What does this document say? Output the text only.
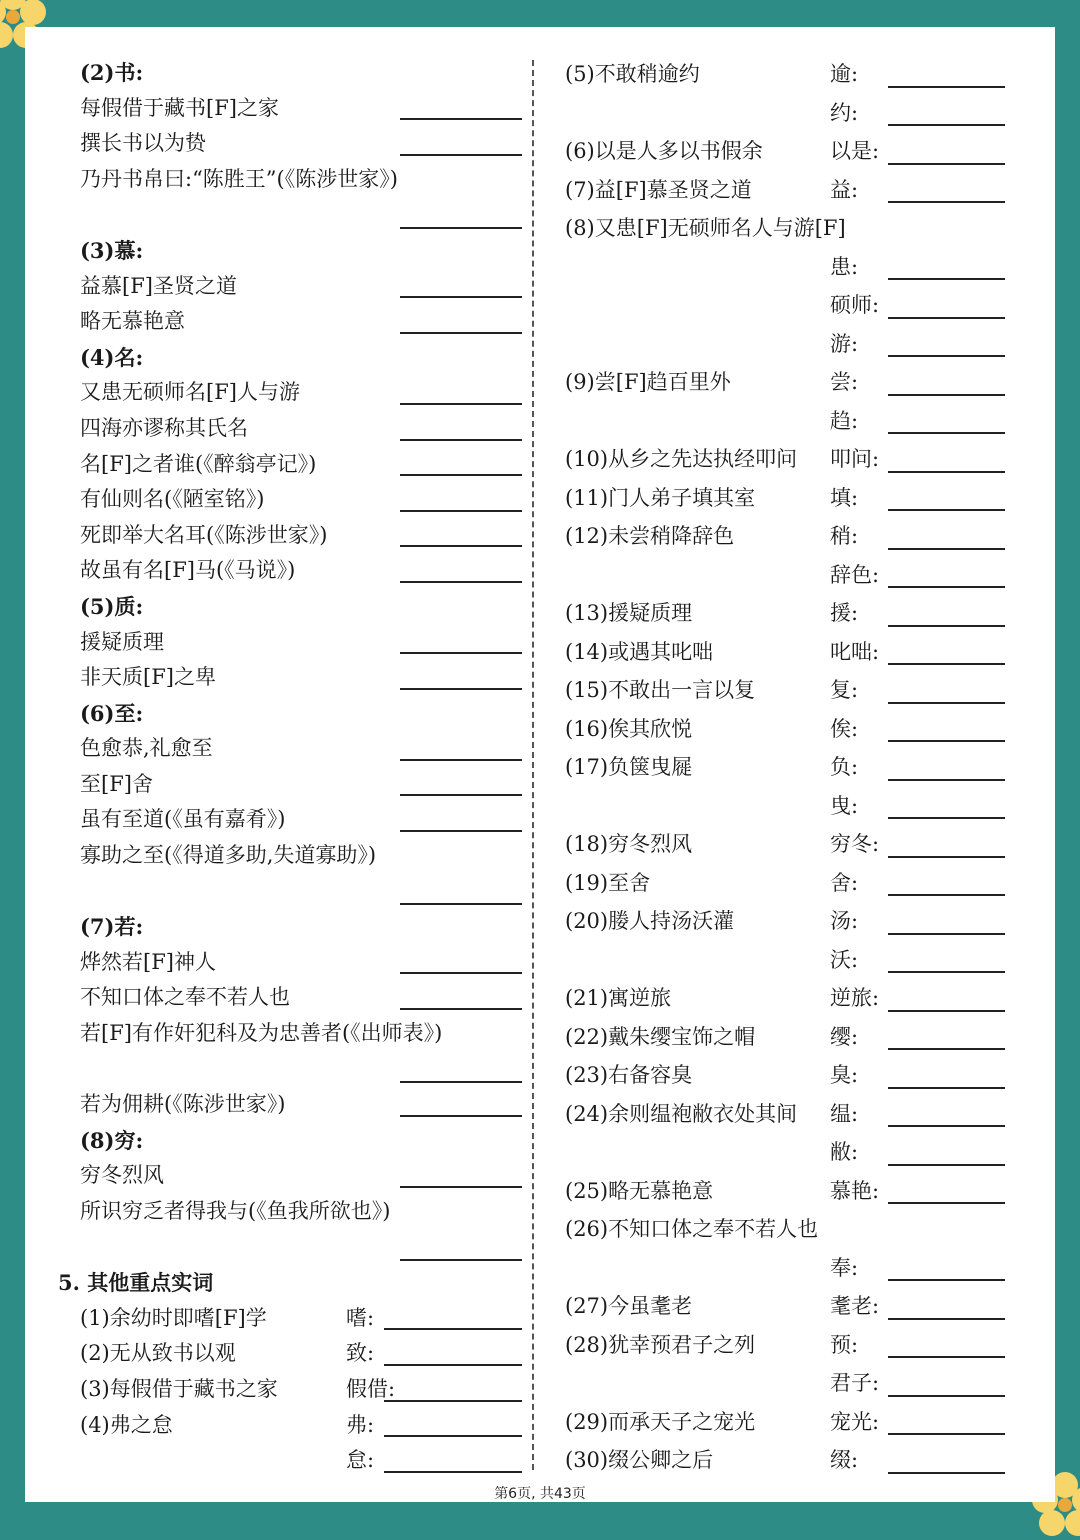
(2)书:
每假借于藏书[F]之家
撰长书以为贽
乃丹书帛曰:“陈胜王”(《陈涉世家》)
(3)慕:
益慕[F]圣贤之道
略无慕艳意
(4)名:
又患无硕师名[F]人与游
四海亦谬称其氏名
名[F]之者谁(《醉翁亭记》)
有仙则名(《陋室铭》)
死即举大名耳(《陈涉世家》)
故虽有名[F]马(《马说》)
(5)质:
援疑质理
非天质[F]之卑
(6)至:
色愈恭,礼愈至
至[F]舍
虽有至道(《虽有嘉肴》)
寡助之至(《得道多助,失道寡助》)
(7)若:
烨然若[F]神人
不知口体之奉不若人也
若[F]有作奸犯科及为忠善者(《出师表》)
若为佣耕(《陈涉世家》)
(8)穷:
穷冬烈风
所识穷乏者得我与(《鱼我所欲也》)
5. 其他重点实词
(1)余幼时即嗜[F]学	嗜:
(2)无从致书以观	致:
(3)每假借于藏书之家	假借:
(4)弗之怠	弗:
怠:
(5)不敢稍逾约	逾:
约:
(6)以是人多以书假余	以是:
(7)益[F]慕圣贤之道	益:
(8)又患[F]无硕师名人与游[F]
患:
硕师:
游:
(9)尝[F]趋百里外	尝:
趋:
(10)从乡之先达执经叩问 叩问:
(11)门人弟子填其室	填:
(12)未尝稍降辞色	稍:
辞色:
(13)援疑质理	援:
(14)或遇其叱咄	叱咄:
(15)不敢出一言以复	复:
(16)俟其欣悦	俟:
(17)负箧曳屣	负:
曳:
(18)穷冬烈风	穷冬:
(19)至舍	舍:
(20)媵人持汤沃灌	汤:
沃:
(21)寓逆旅	逆旅:
(22)戴朱缨宝饰之帽	缨:
(23)右备容臭	臭:
(24)余则缊袍敝衣处其间 缊:
敝:
(25)略无慕艳意	慕艳:
(26)不知口体之奉不若人也
奉:
(27)今虽耄老	耄老:
(28)犹幸预君子之列	预:
君子:
(29)而承天子之宠光	宠光:
(30)缀公卿之后	缀:
第6页, 共43页
